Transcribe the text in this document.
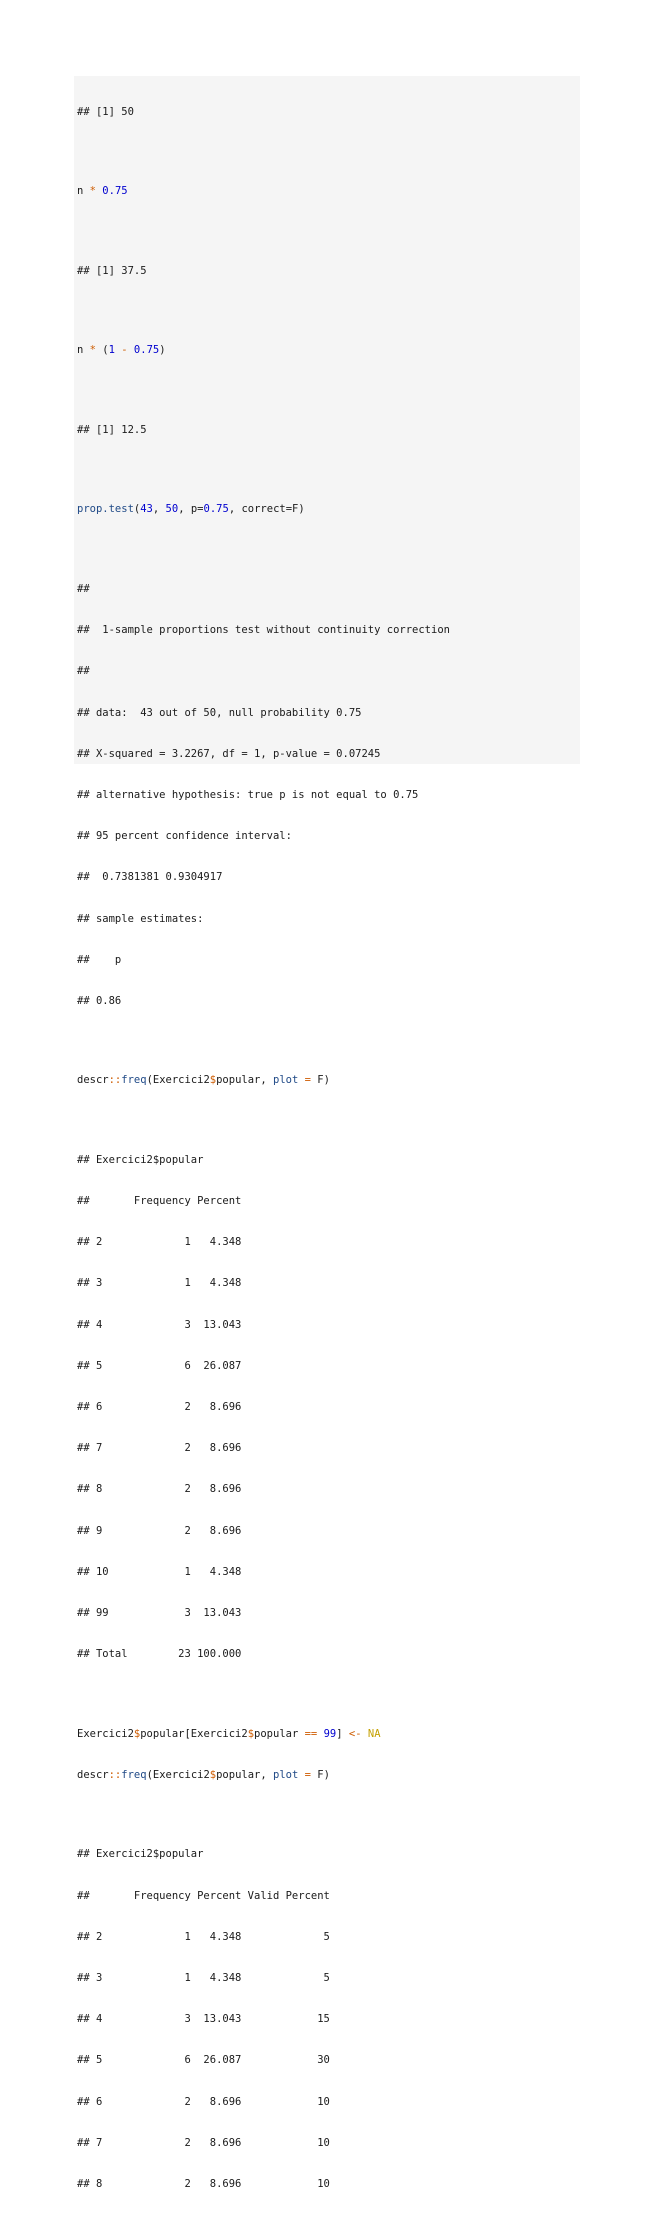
## [1] 50

n * 0.75

## [1] 37.5

n * (1 - 0.75)

## [1] 12.5

prop.test(43, 50, p=0.75, correct=F)

##

##  1-sample proportions test without continuity correction

##

## data:  43 out of 50, null probability 0.75

## X-squared = 3.2267, df = 1, p-value = 0.07245

## alternative hypothesis: true p is not equal to 0.75

## 95 percent confidence interval:

##  0.7381381 0.9304917

## sample estimates:

##    p

## 0.86

descr::freq(Exercici2$popular, plot = F)

## Exercici2$popular

##       Frequency Percent

## 2             1   4.348

## 3             1   4.348

## 4             3  13.043

## 5             6  26.087

## 6             2   8.696

## 7             2   8.696

## 8             2   8.696

## 9             2   8.696

## 10            1   4.348

## 99            3  13.043

## Total        23 100.000

Exercici2$popular[Exercici2$popular == 99] <- NA

descr::freq(Exercici2$popular, plot = F)

## Exercici2$popular

##       Frequency Percent Valid Percent

## 2             1   4.348             5

## 3             1   4.348             5

## 4             3  13.043            15

## 5             6  26.087            30

## 6             2   8.696            10

## 7             2   8.696            10

## 8             2   8.696            10
